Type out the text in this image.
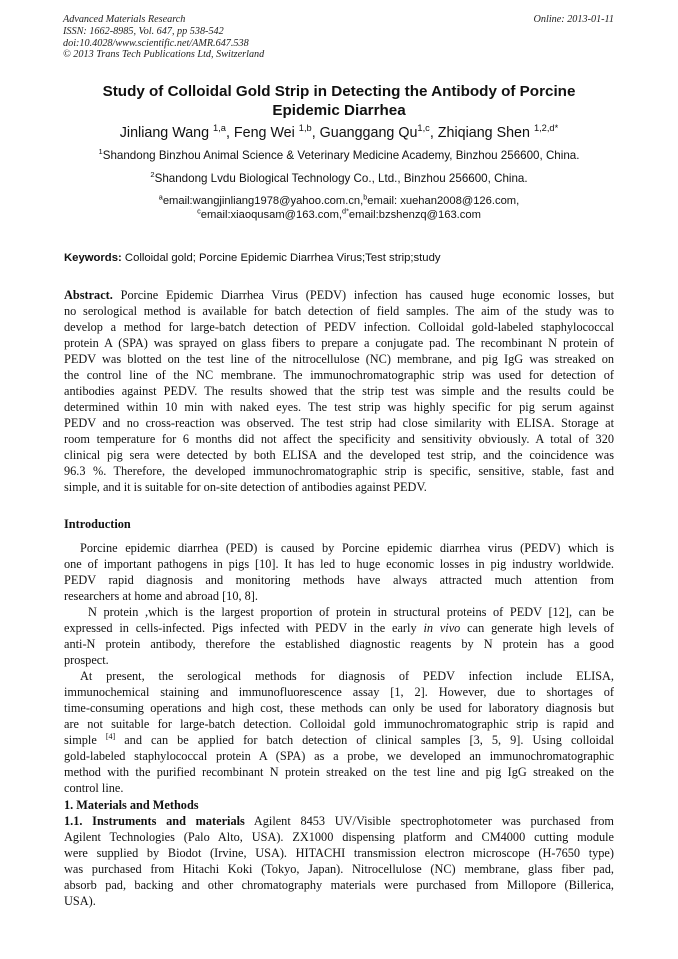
Advanced Materials Research
ISSN: 1662-8985, Vol. 647, pp 538-542
doi:10.4028/www.scientific.net/AMR.647.538
© 2013 Trans Tech Publications Ltd, Switzerland
Online: 2013-01-11
Study of Colloidal Gold Strip in Detecting the Antibody of Porcine
Epidemic Diarrhea
Jinliang Wang $^{1,a}$, Feng Wei $^{1,b}$, Guanggang Qu$^{1,c}$, Zhiqiang Shen $^{1,2,d*}$
$^1$Shandong Binzhou Animal Science & Veterinary Medicine Academy, Binzhou 256600, China.
$^2$Shandong Lvdu Biological Technology Co., Ltd., Binzhou 256600, China.
$^a$email:wangjinliang1978@yahoo.com.cn,$^b$email: xuehan2008@126.com,
$^c$email:xiaoqusam@163.com,$^{d*}$email:bzshenzq@163.com
Keywords: Colloidal gold; Porcine Epidemic Diarrhea Virus;Test strip;study
Abstract. Porcine Epidemic Diarrhea Virus (PEDV) infection has caused huge economic losses, but
no serological method is available for batch detection of field samples. The aim of the study was to
develop a method for large-batch detection of PEDV infection. Colloidal gold-labeled staphylococcal
protein A (SPA) was sprayed on glass fibers to prepare a conjugate pad. The recombinant N protein of
PEDV was blotted on the test line of the nitrocellulose (NC) membrane, and pig IgG was streaked on
the control line of the NC membrane. The immunochromatographic strip was used for detection of
antibodies against PEDV. The results showed that the strip test was simple and the results could be
determined within 10 min with naked eyes. The test strip was highly specific for pig serum against
PEDV and no cross-reaction was observed. The test strip had close similarity with ELISA. Storage at
room temperature for 6 months did not affect the specificity and sensitivity obviously. A total of 320
clinical pig sera were detected by both ELISA and the developed test strip, and the coincidence was
96.3 %. Therefore, the developed immunochromatographic strip is specific, sensitive, stable, fast and
simple, and it is suitable for on-site detection of antibodies against PEDV.
Introduction
Porcine epidemic diarrhea (PED) is caused by Porcine epidemic diarrhea virus (PEDV) which is
one of important pathogens in pigs [10]. It has led to huge economic losses in pig industry worldwide.
PEDV rapid diagnosis and monitoring methods have always attracted much attention from
researchers at home and abroad [10, 8].
N protein ,which is the largest proportion of protein in structural proteins of PEDV [12], can be
expressed in cells-infected. Pigs infected with PEDV in the early in vivo can generate high levels of
anti-N protein antibody, therefore the established diagnostic reagents by N protein has a good
prospect.
At present, the serological methods for diagnosis of PEDV infection include ELISA,
immunochemical staining and immunofluorescence assay [1, 2]. However, due to shortages of
time-consuming operations and high cost, these methods can only be used for laboratory diagnosis but
are not suitable for large-batch detection. Colloidal gold immunochromatographic strip is rapid and
simple [4] and can be applied for batch detection of clinical samples [3, 5, 9]. Using colloidal
gold-labeled staphylococcal protein A (SPA) as a probe, we developed an immunochromatographic
method with the purified recombinant N protein streaked on the test line and pig IgG streaked on the
control line.
1. Materials and Methods
1.1. Instruments and materials Agilent 8453 UV/Visible spectrophotometer was purchased from
Agilent Technologies (Palo Alto, USA). ZX1000 dispensing platform and CM4000 cutting module
were supplied by Biodot (Irvine, USA). HITACHI transmission electron microscope (H-7650 type)
was purchased from Hitachi Koki (Tokyo, Japan). Nitrocellulose (NC) membrane, glass fiber pad,
absorb pad, backing and other chromatography materials were purchased from Millopore (Billerica,
USA).
